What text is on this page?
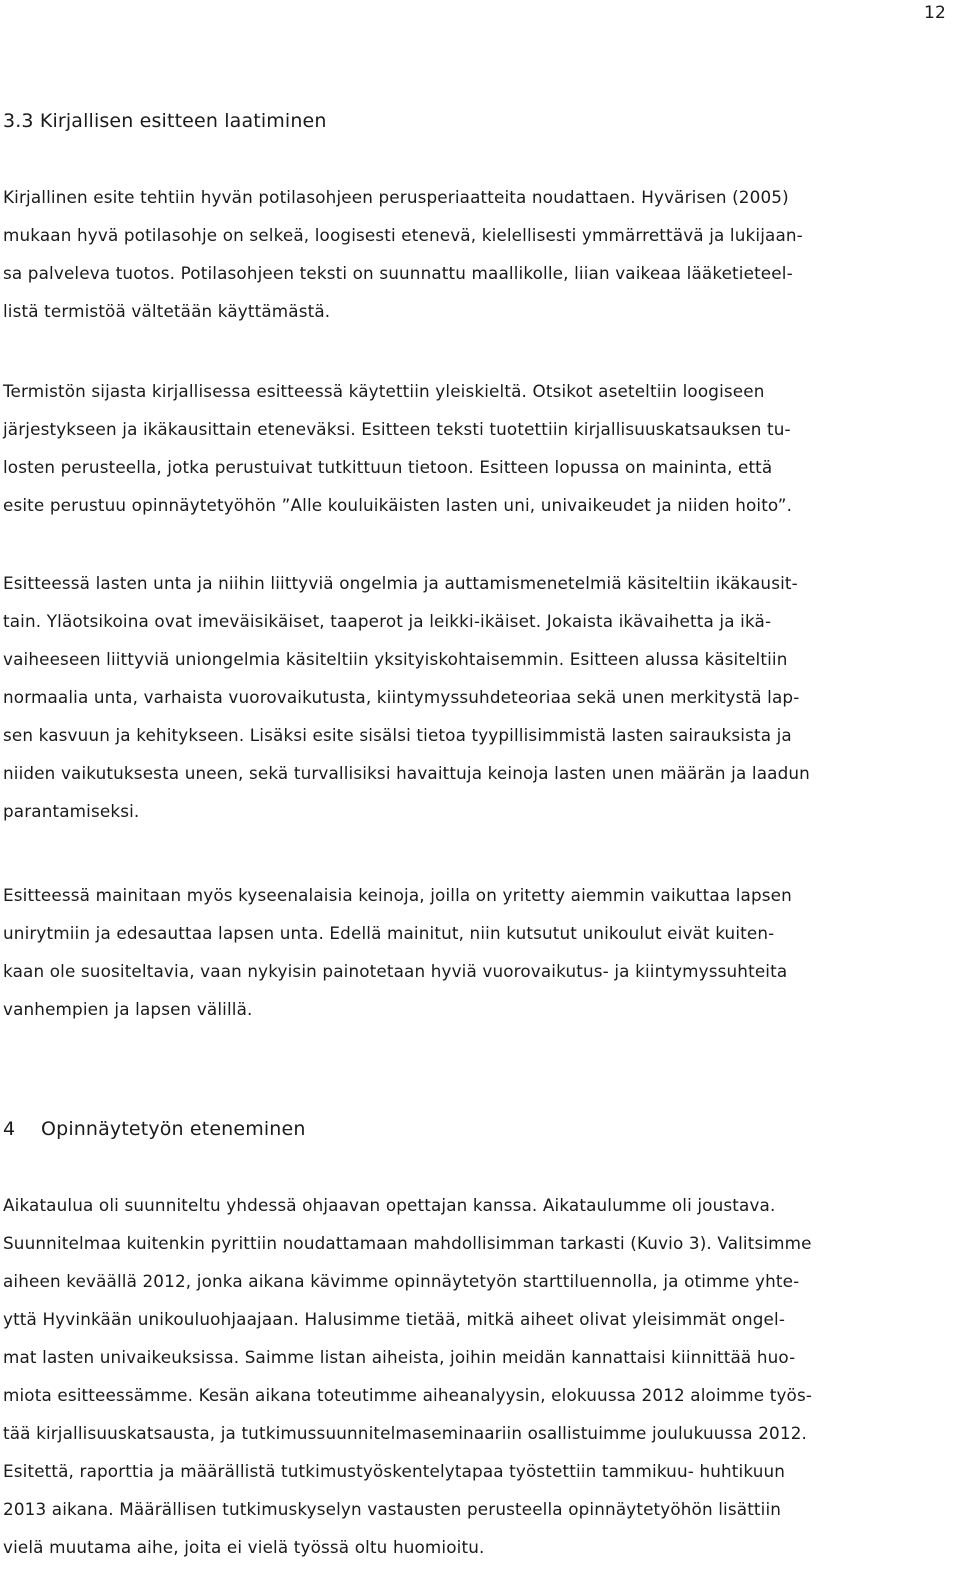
12
3.3 Kirjallisen esitteen laatiminen
Kirjallinen esite tehtiin hyvän potilasohjeen perusperiaatteita noudattaen. Hyvärisen (2005)
mukaan hyvä potilasohje on selkeä, loogisesti etenevä, kielellisesti ymmärrettävä ja lukijaan-
sa palveleva tuotos. Potilasohjeen teksti on suunnattu maallikolle, liian vaikeaa lääketieteel-
listä termistöä vältetään käyttämästä.
Termistön sijasta kirjallisessa esitteessä käytettiin yleiskieltä. Otsikot aseteltiin loogiseen
järjestykseen ja ikäkausittain eteneväksi. Esitteen teksti tuotettiin kirjallisuuskatsauksen tu-
losten perusteella, jotka perustuivat tutkittuun tietoon. Esitteen lopussa on maininta, että
esite perustuu opinnäytetyöhön ”Alle kouluikäisten lasten uni, univaikeudet ja niiden hoito”.
Esitteessä lasten unta ja niihin liittyviä ongelmia ja auttamismenetelmiä käsiteltiin ikäkausit-
tain. Yläotsikoina ovat imeväisikäiset, taaperot ja leikki-ikäiset. Jokaista ikävaihetta ja ikä-
vaiheeseen liittyviä uniongelmia käsiteltiin yksityiskohtaisemmin. Esitteen alussa käsiteltiin
normaalia unta, varhaista vuorovaikutusta, kiintymyssuhdeteoriaa sekä unen merkitystä lap-
sen kasvuun ja kehitykseen. Lisäksi esite sisälsi tietoa tyypillisimmistä lasten sairauksista ja
niiden vaikutuksesta uneen, sekä turvallisiksi havaittuja keinoja lasten unen määrän ja laadun
parantamiseksi.
Esitteessä mainitaan myös kyseenalaisia keinoja, joilla on yritetty aiemmin vaikuttaa lapsen
unirytmiin ja edesauttaa lapsen unta. Edellä mainitut, niin kutsutut unikoulut eivät kuiten-
kaan ole suositeltavia, vaan nykyisin painotetaan hyviä vuorovaikutus- ja kiintymyssuhteita
vanhempien ja lapsen välillä.
4 Opinnäytetyön eteneminen
Aikataulua oli suunniteltu yhdessä ohjaavan opettajan kanssa. Aikataulumme oli joustava.
Suunnitelmaa kuitenkin pyrittiin noudattamaan mahdollisimman tarkasti (Kuvio 3). Valitsimme
aiheen keväällä 2012, jonka aikana kävimme opinnäytetyön starttiluennolla, ja otimme yhte-
yttä Hyvinkään unikouluohjaajaan. Halusimme tietää, mitkä aiheet olivat yleisimmät ongel-
mat lasten univaikeuksissa. Saimme listan aiheista, joihin meidän kannattaisi kiinnittää huo-
miota esitteessämme. Kesän aikana toteutimme aiheanalyysin, elokuussa 2012 aloimme työs-
tää kirjallisuuskatsausta, ja tutkimussuunnitelmaseminaariin osallistuimme joulukuussa 2012.
Esitettä, raporttia ja määrällistä tutkimustyöskentelytapaa työstettiin tammikuu- huhtikuun
2013 aikana. Määrällisen tutkimuskyselyn vastausten perusteella opinnäytetyöhön lisättiin
vielä muutama aihe, joita ei vielä työssä oltu huomioitu.
